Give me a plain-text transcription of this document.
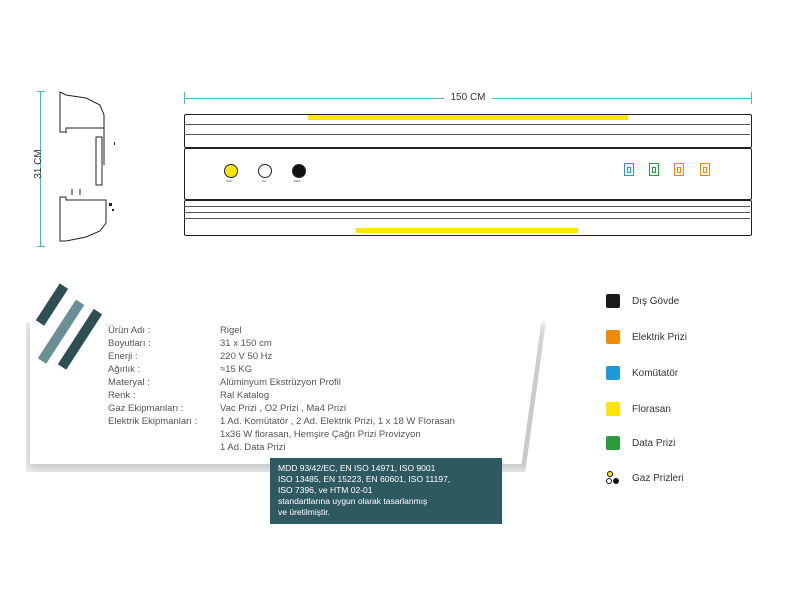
31 CM
150 CM
VAC	O2	MA4
Ürün Adı :	Rigel
Boyutları :	31 x 150 cm
Enerji :	220 V 50 Hz
Ağırlık :	≈15 KG
Materyal :	Alüminyum Ekstrüzyon Profil
Renk :	Ral Katalog
Gaz Ekipmanları :	Vac Prizi , O2 Prizi , Ma4 Prizi
Elektrik Ekipmanları : 1 Ad. Komütatör , 2 Ad. Elektrik Prizi, 1 x 18 W Florasan
1x36 W florasan, Hemşire Çağrı Prizi Provizyon
1 Ad. Data Prizi
MDD 93/42/EC, EN ISO 14971, ISO 9001
ISO 13485, EN 15223, EN 60601, ISO 11197,
ISO 7396, ve HTM 02-01
standartlarına uygun olarak tasarlanmış
ve üretilmiştir.
Dış Gövde
Elektrik Prizi
Komütatör
Florasan
Data Prizi
Gaz Prizleri
